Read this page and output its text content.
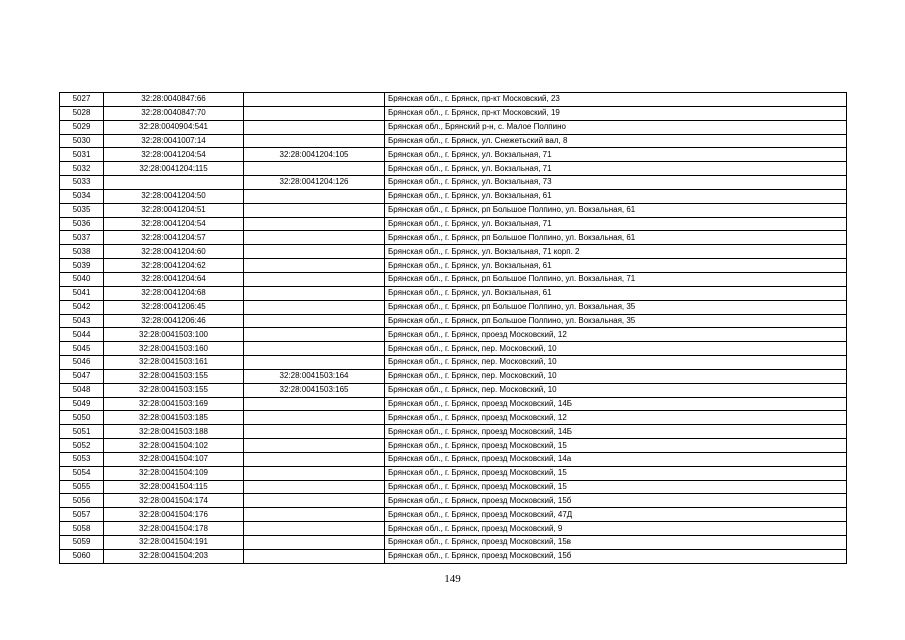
5027	32:28:0040847:66		Брянская обл., г. Брянск, пр-кт Московский, 23
5028	32:28:0040847:70		Брянская обл., г. Брянск, пр-кт Московский, 19
5029	32:28:0040904:541		Брянская обл., Брянский р-н, с. Малое Полпино
5030	32:28:0041007:14		Брянская обл., г. Брянск, ул. Снежетьский вал, 8
5031	32:28:0041204:54	32:28:0041204:105	Брянская обл., г. Брянск, ул. Вокзальная, 71
5032	32:28:0041204:115		Брянская обл., г. Брянск, ул. Вокзальная, 71
5033		32:28:0041204:126	Брянская обл., г. Брянск, ул. Вокзальная, 73
5034	32:28:0041204:50		Брянская обл., г. Брянск, ул. Вокзальная, 61
5035	32:28:0041204:51		Брянская обл., г. Брянск, рп Большое Полпино, ул. Вокзальная, 61
5036	32:28:0041204:54		Брянская обл., г. Брянск, ул. Вокзальная, 71
5037	32:28:0041204:57		Брянская обл., г. Брянск, рп Большое Полпино, ул. Вокзальная, 61
5038	32:28:0041204:60		Брянская обл., г. Брянск, ул. Вокзальная, 71 корп. 2
5039	32:28:0041204:62		Брянская обл., г. Брянск, ул. Вокзальная, 61
5040	32:28:0041204:64		Брянская обл., г. Брянск, рп Большое Полпино, ул. Вокзальная, 71
5041	32:28:0041204:68		Брянская обл., г. Брянск, ул. Вокзальная, 61
5042	32:28:0041206:45		Брянская обл., г. Брянск, рп Большое Полпино, ул. Вокзальная, 35
5043	32:28:0041206:46		Брянская обл., г. Брянск, рп Большое Полпино, ул. Вокзальная, 35
5044	32:28:0041503:100		Брянская обл., г. Брянск, проезд Московский, 12
5045	32:28:0041503:160		Брянская обл., г. Брянск, пер. Московский, 10
5046	32:28:0041503:161		Брянская обл., г. Брянск, пер. Московский, 10
5047	32:28:0041503:155	32:28:0041503:164	Брянская обл., г. Брянск, пер. Московский, 10
5048	32:28:0041503:155	32:28:0041503:165	Брянская обл., г. Брянск, пер. Московский, 10
5049	32:28:0041503:169		Брянская обл., г. Брянск, проезд Московский, 14Б
5050	32:28:0041503:185		Брянская обл., г. Брянск, проезд Московский, 12
5051	32:28:0041503:188		Брянская обл., г. Брянск, проезд Московский, 14Б
5052	32:28:0041504:102		Брянская обл., г. Брянск, проезд Московский, 15
5053	32:28:0041504:107		Брянская обл., г. Брянск, проезд Московский, 14а
5054	32:28:0041504:109		Брянская обл., г. Брянск, проезд Московский, 15
5055	32:28:0041504:115		Брянская обл., г. Брянск, проезд Московский, 15
5056	32:28:0041504:174		Брянская обл., г. Брянск, проезд Московский, 15б
5057	32:28:0041504:176		Брянская обл., г. Брянск, проезд Московский, 47Д
5058	32:28:0041504:178		Брянская обл., г. Брянск, проезд Московский, 9
5059	32:28:0041504:191		Брянская обл., г. Брянск, проезд Московский, 15в
5060	32:28:0041504:203		Брянская обл., г. Брянск, проезд Московский, 15б
149
